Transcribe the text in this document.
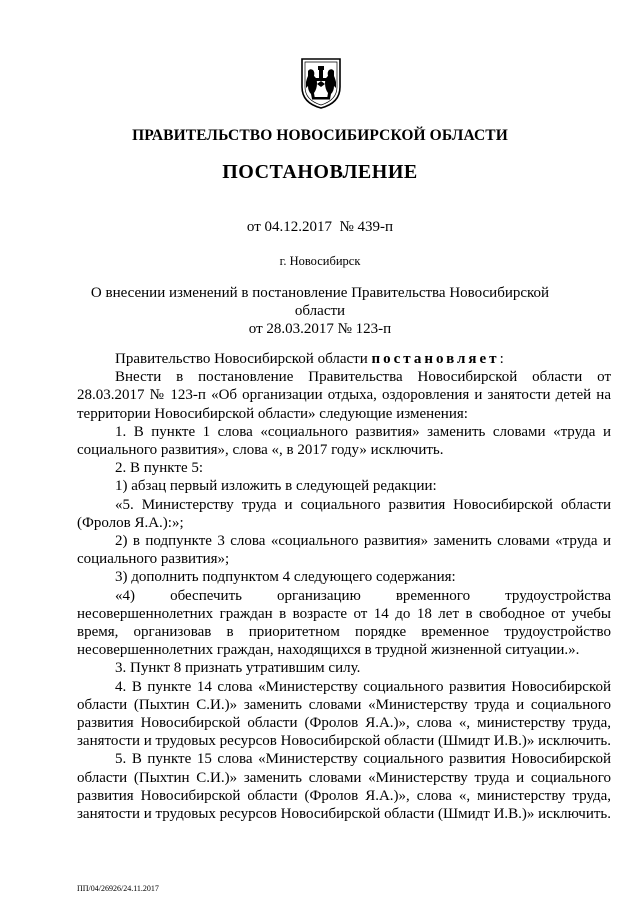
ПРАВИТЕЛЬСТВО НОВОСИБИРСКОЙ ОБЛАСТИ
ПОСТАНОВЛЕНИЕ
от 04.12.2017  № 439-п
г. Новосибирск
О внесении изменений в постановление Правительства Новосибирской области
от 28.03.2017 № 123-п

Правительство Новосибирской области постановляет:

Внести в постановление Правительства Новосибирской области от 28.03.2017 № 123-п «Об организации отдыха, оздоровления и занятости детей на территории Новосибирской области» следующие изменения:

1. В пункте 1 слова «социального развития» заменить словами «труда и социального развития», слова «, в 2017 году» исключить.

2. В пункте 5:

1) абзац первый изложить в следующей редакции:

«5. Министерству труда и социального развития Новосибирской области (Фролов Я.А.):»;

2) в подпункте 3 слова «социального развития» заменить словами «труда и социального развития»;

3) дополнить подпунктом 4 следующего содержания:

«4) обеспечить организацию временного трудоустройства несовершеннолетних граждан в возрасте от 14 до 18 лет в свободное от учебы время, организовав в приоритетном порядке временное трудоустройство несовершеннолетних граждан, находящихся в трудной жизненной ситуации.».

3. Пункт 8 признать утратившим силу.

4. В пункте 14 слова «Министерству социального развития Новосибирской области (Пыхтин С.И.)» заменить словами «Министерству труда и социального развития Новосибирской области (Фролов Я.А.)», слова «, министерству труда, занятости и трудовых ресурсов Новосибирской области (Шмидт И.В.)» исключить.

5. В пункте 15 слова «Министерству социального развития Новосибирской области (Пыхтин С.И.)» заменить словами «Министерству труда и социального развития Новосибирской области (Фролов Я.А.)», слова «, министерству труда, занятости и трудовых ресурсов Новосибирской области (Шмидт И.В.)» исключить.

ПП/04/26926/24.11.2017
